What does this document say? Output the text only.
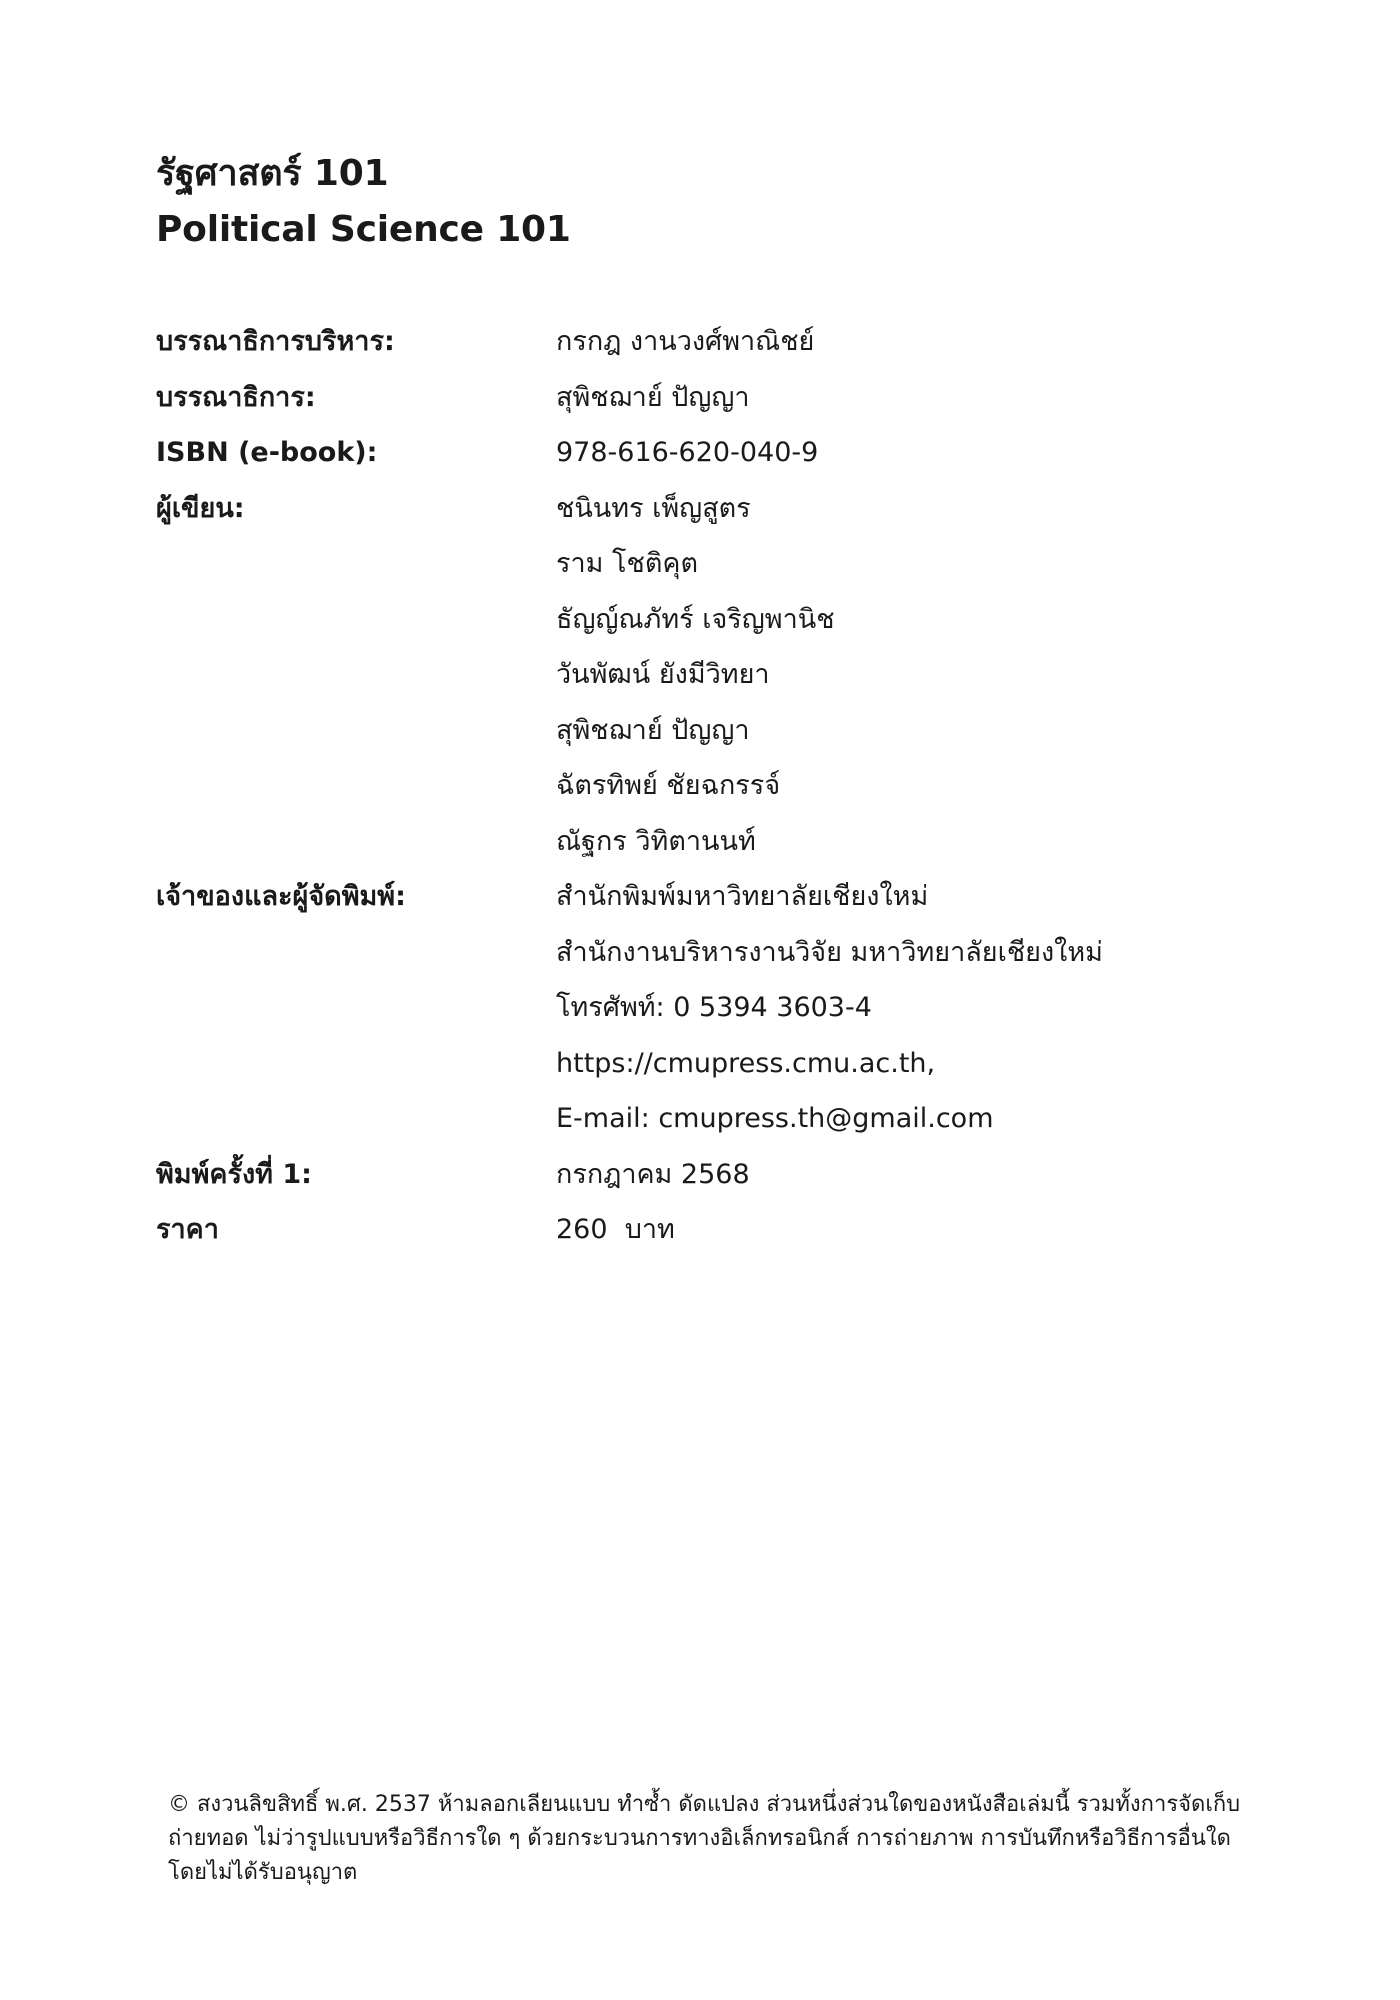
รัฐศาสตร์ 101
Political Science 101
บรรณาธิการบริหาร:	กรกฎ งานวงศ์พาณิชย์
บรรณาธิการ:	สุพิชฌาย์ ปัญญา
ISBN (e-book):	978-616-620-040-9
ผู้เขียน:	ชนินทร เพ็ญสูตร
ราม โชติคุต
ธัญญ์ณภัทร์ เจริญพานิช
วันพัฒน์ ยังมีวิทยา
สุพิชฌาย์ ปัญญา
ฉัตรทิพย์ ชัยฉกรรจ์
ณัฐกร วิทิตานนท์
เจ้าของและผู้จัดพิมพ์:	สำนักพิมพ์มหาวิทยาลัยเชียงใหม่
สำนักงานบริหารงานวิจัย มหาวิทยาลัยเชียงใหม่
โทรศัพท์: 0 5394 3603-4
https://cmupress.cmu.ac.th,
E-mail: cmupress.th@gmail.com
พิมพ์ครั้งที่ 1:	กรกฎาคม 2568
ราคา	260  บาท
© สงวนลิขสิทธิ์ พ.ศ. 2537 ห้ามลอกเลียนแบบ ทำซ้ำ ดัดแปลง ส่วนหนึ่งส่วนใดของหนังสือเล่มนี้ รวมทั้งการจัดเก็บ
ถ่ายทอด ไม่ว่ารูปแบบหรือวิธีการใด ๆ ด้วยกระบวนการทางอิเล็กทรอนิกส์ การถ่ายภาพ การบันทึกหรือวิธีการอื่นใด
โดยไม่ได้รับอนุญาต
